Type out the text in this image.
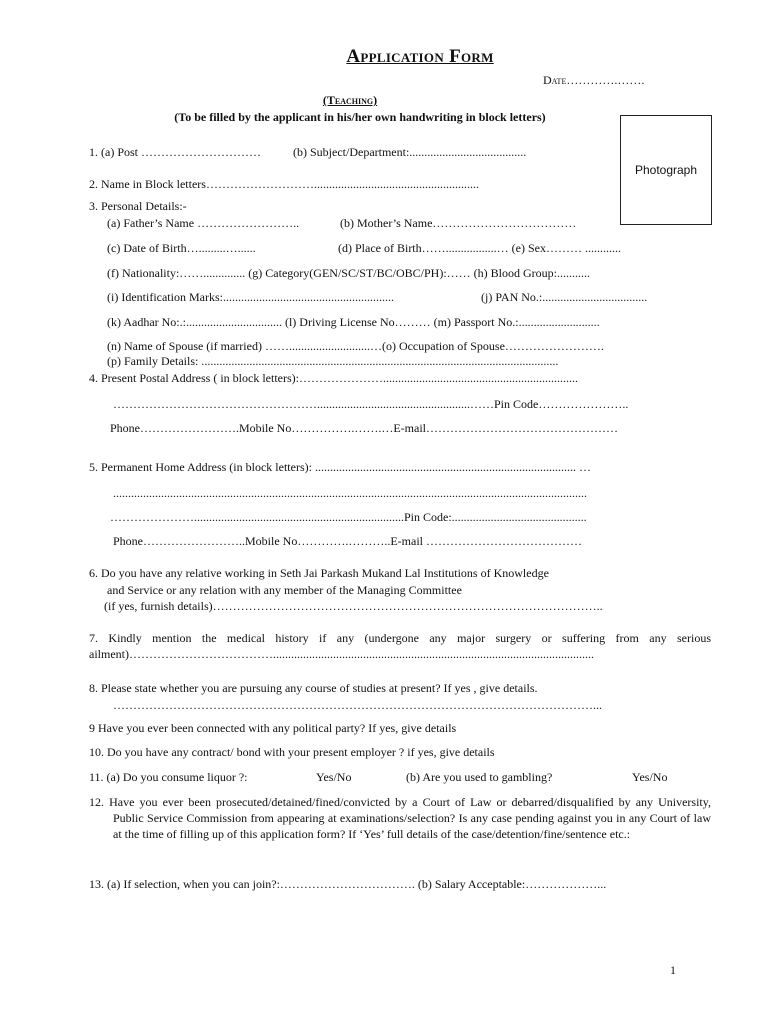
Application Form
Date………….…….
(Teaching)
(To be filled by the applicant in his/her own handwriting in block letters)
Photograph
1. (a) Post …………………………	(b) Subject/Department:.......................................
2. Name in Block letters……………………….......................................................
3. Personal Details:-
(a) Father’s Name ……………………..	(b) Mother’s Name………………………………
(c) Date of Birth….........…......	(d) Place of Birth…….................… (e) Sex……… ............
(f) Nationality:…….............. (g) Category(GEN/SC/ST/BC/OBC/PH):…… (h) Blood Group:...........
(i) Identification Marks:.........................................................	(j) PAN No.:...................................
(k) Aadhar No:.:................................ (l) Driving License No……… (m) Passport No.:...........................
(n) Name of Spouse (if married) ……...........................…(o) Occupation of Spouse…………………….
(p) Family Details: .......................................................................................................................
4. Present Postal Address ( in block letters):………………….................................................................
……………………………………………...................................................……Pin Code…………………..
Phone…………………….Mobile No…………….…….…E-mail…………………………………………
5. Permanent Home Address (in block letters): ....................................................................................... …
..............................................................................................................................................................
…………………......................................................................Pin Code:.............................................
Phone……………………..Mobile No………….………..E-mail …………………………………
6. Do you have any relative working in Seth Jai Parkash Mukand Lal Institutions of Knowledge
and Service or any relation with any member of the Managing Committee
(if yes, furnish details)……………………………………………………………………………………..
7. Kindly mention the medical history if any (undergone any major surgery or suffering from any serious ailment)………………………………...........................................................................................................
8. Please state whether you are pursuing any course of studies at present? If yes , give details.
…………………………………………………………………………………………………………...
9 Have you ever been connected with any political party? If yes, give details
10. Do you have any contract/ bond with your present employer ? if yes, give details
11. (a) Do you consume liquor ?:	Yes/No	(b) Are you used to gambling?	Yes/No
12. Have you ever been prosecuted/detained/fined/convicted by a Court of Law or debarred/disqualified by any University, Public Service Commission from appearing at examinations/selection? Is any case pending against you in any Court of law at the time of filling up of this application form? If ‘Yes’ full details of the case/detention/fine/sentence etc.:
13. (a) If selection, when you can join?:……………………………. (b) Salary Acceptable:………………...
1
